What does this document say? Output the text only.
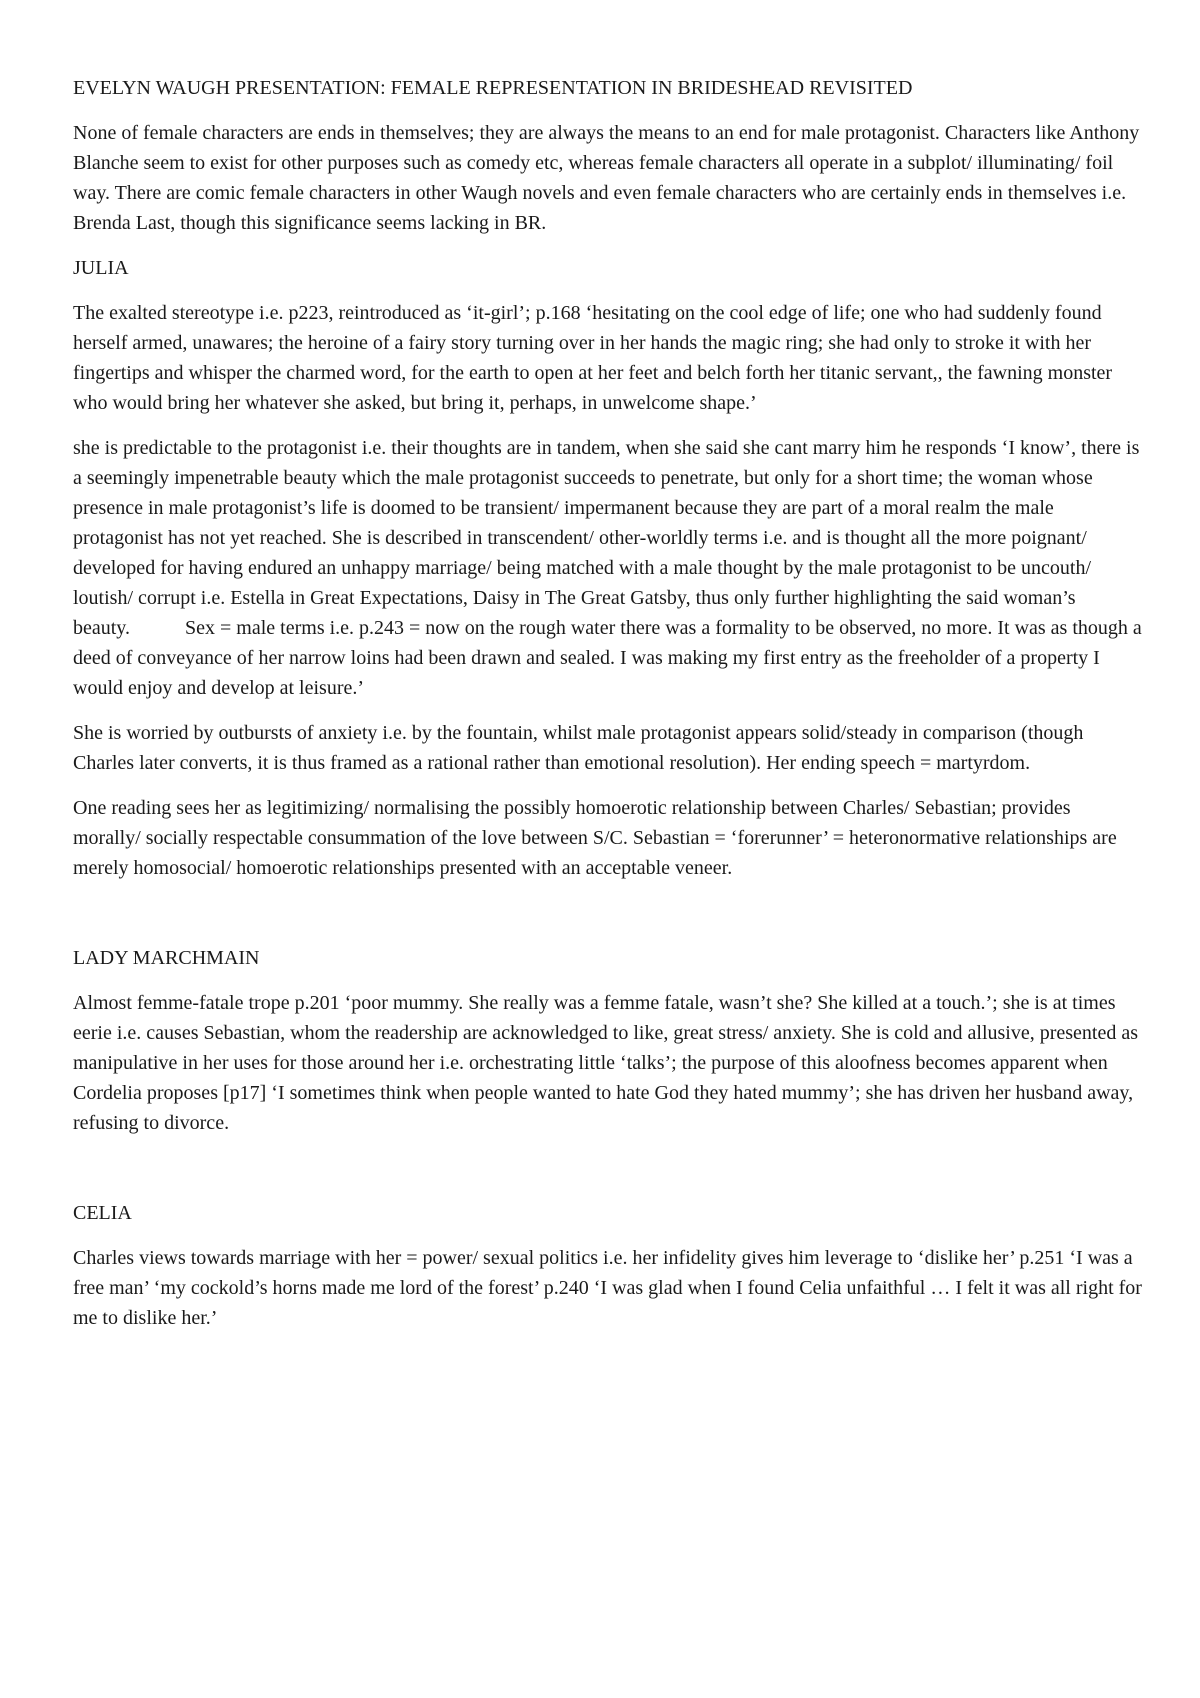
EVELYN WAUGH PRESENTATION: FEMALE REPRESENTATION IN BRIDESHEAD REVISITED

None of female characters are ends in themselves; they are always the means to an end for male protagonist. Characters like Anthony Blanche seem to exist for other purposes such as comedy etc, whereas female characters all operate in a subplot/ illuminating/ foil way. There are comic female characters in other Waugh novels and even female characters who are certainly ends in themselves i.e. Brenda Last, though this significance seems lacking in BR.

JULIA

The exalted stereotype i.e. p223, reintroduced as ‘it-girl’; p.168 ‘hesitating on the cool edge of life; one who had suddenly found herself armed, unawares; the heroine of a fairy story turning over in her hands the magic ring; she had only to stroke it with her fingertips and whisper the charmed word, for the earth to open at her feet and belch forth her titanic servant,, the fawning monster who would bring her whatever she asked, but bring it, perhaps, in unwelcome shape.’

she is predictable to the protagonist i.e. their thoughts are in tandem, when she said she cant marry him he responds ‘I know’, there is a seemingly impenetrable beauty which the male protagonist succeeds to penetrate, but only for a short time; the woman whose presence in male protagonist’s life is doomed to be transient/ impermanent because they are part of a moral realm the male protagonist has not yet reached. She is described in transcendent/ other-worldly terms i.e. and is thought all the more poignant/ developed for having endured an unhappy marriage/ being matched with a male thought by the male protagonist to be uncouth/ loutish/ corrupt i.e. Estella in Great Expectations, Daisy in The Great Gatsby, thus only further highlighting the said woman’s beauty.	Sex = male terms i.e. p.243 = now on the rough water there was a formality to be observed, no more. It was as though a deed of conveyance of her narrow loins had been drawn and sealed. I was making my first entry as the freeholder of a property I would enjoy and develop at leisure.’

She is worried by outbursts of anxiety i.e. by the fountain, whilst male protagonist appears solid/steady in comparison (though Charles later converts, it is thus framed as a rational rather than emotional resolution). Her ending speech = martyrdom.

One reading sees her as legitimizing/ normalising the possibly homoerotic relationship between Charles/ Sebastian; provides morally/ socially respectable consummation of the love between S/C. Sebastian = ‘forerunner’ = heteronormative relationships are merely homosocial/ homoerotic relationships presented with an acceptable veneer.

LADY MARCHMAIN

Almost femme-fatale trope p.201 ‘poor mummy. She really was a femme fatale, wasn’t she? She killed at a touch.’; she is at times eerie i.e. causes Sebastian, whom the readership are acknowledged to like, great stress/ anxiety. She is cold and allusive, presented as manipulative in her uses for those around her i.e. orchestrating little ‘talks’; the purpose of this aloofness becomes apparent when Cordelia proposes [p17] ‘I sometimes think when people wanted to hate God they hated mummy’; she has driven her husband away, refusing to divorce.

CELIA

Charles views towards marriage with her = power/ sexual politics i.e. her infidelity gives him leverage to ‘dislike her’ p.251 ‘I was a free man’ ‘my cockold’s horns made me lord of the forest’ p.240 ‘I was glad when I found Celia unfaithful … I felt it was all right for me to dislike her.’
